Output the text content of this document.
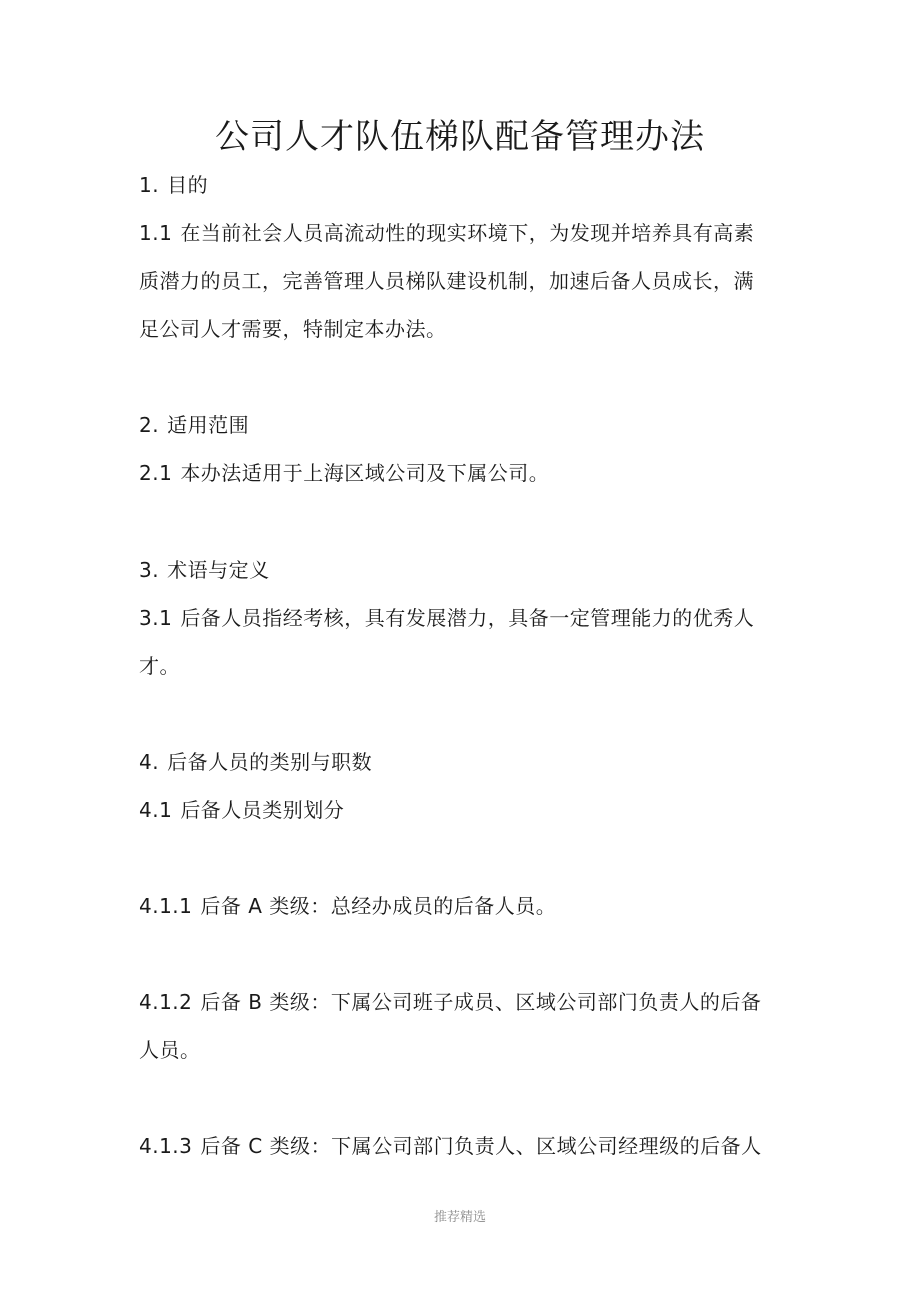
公司人才队伍梯队配备管理办法
1. 目的
1.1 在当前社会人员高流动性的现实环境下，为发现并培养具有高素
质潜力的员工，完善管理人员梯队建设机制，加速后备人员成长，满
足公司人才需要，特制定本办法。
2. 适用范围
2.1 本办法适用于上海区域公司及下属公司。
3. 术语与定义
3.1 后备人员指经考核，具有发展潜力，具备一定管理能力的优秀人
才。
4. 后备人员的类别与职数
4.1 后备人员类别划分
4.1.1 后备 A 类级：总经办成员的后备人员。
4.1.2 后备 B 类级：下属公司班子成员、区域公司部门负责人的后备
人员。
4.1.3 后备 C 类级：下属公司部门负责人、区域公司经理级的后备人
推荐精选
